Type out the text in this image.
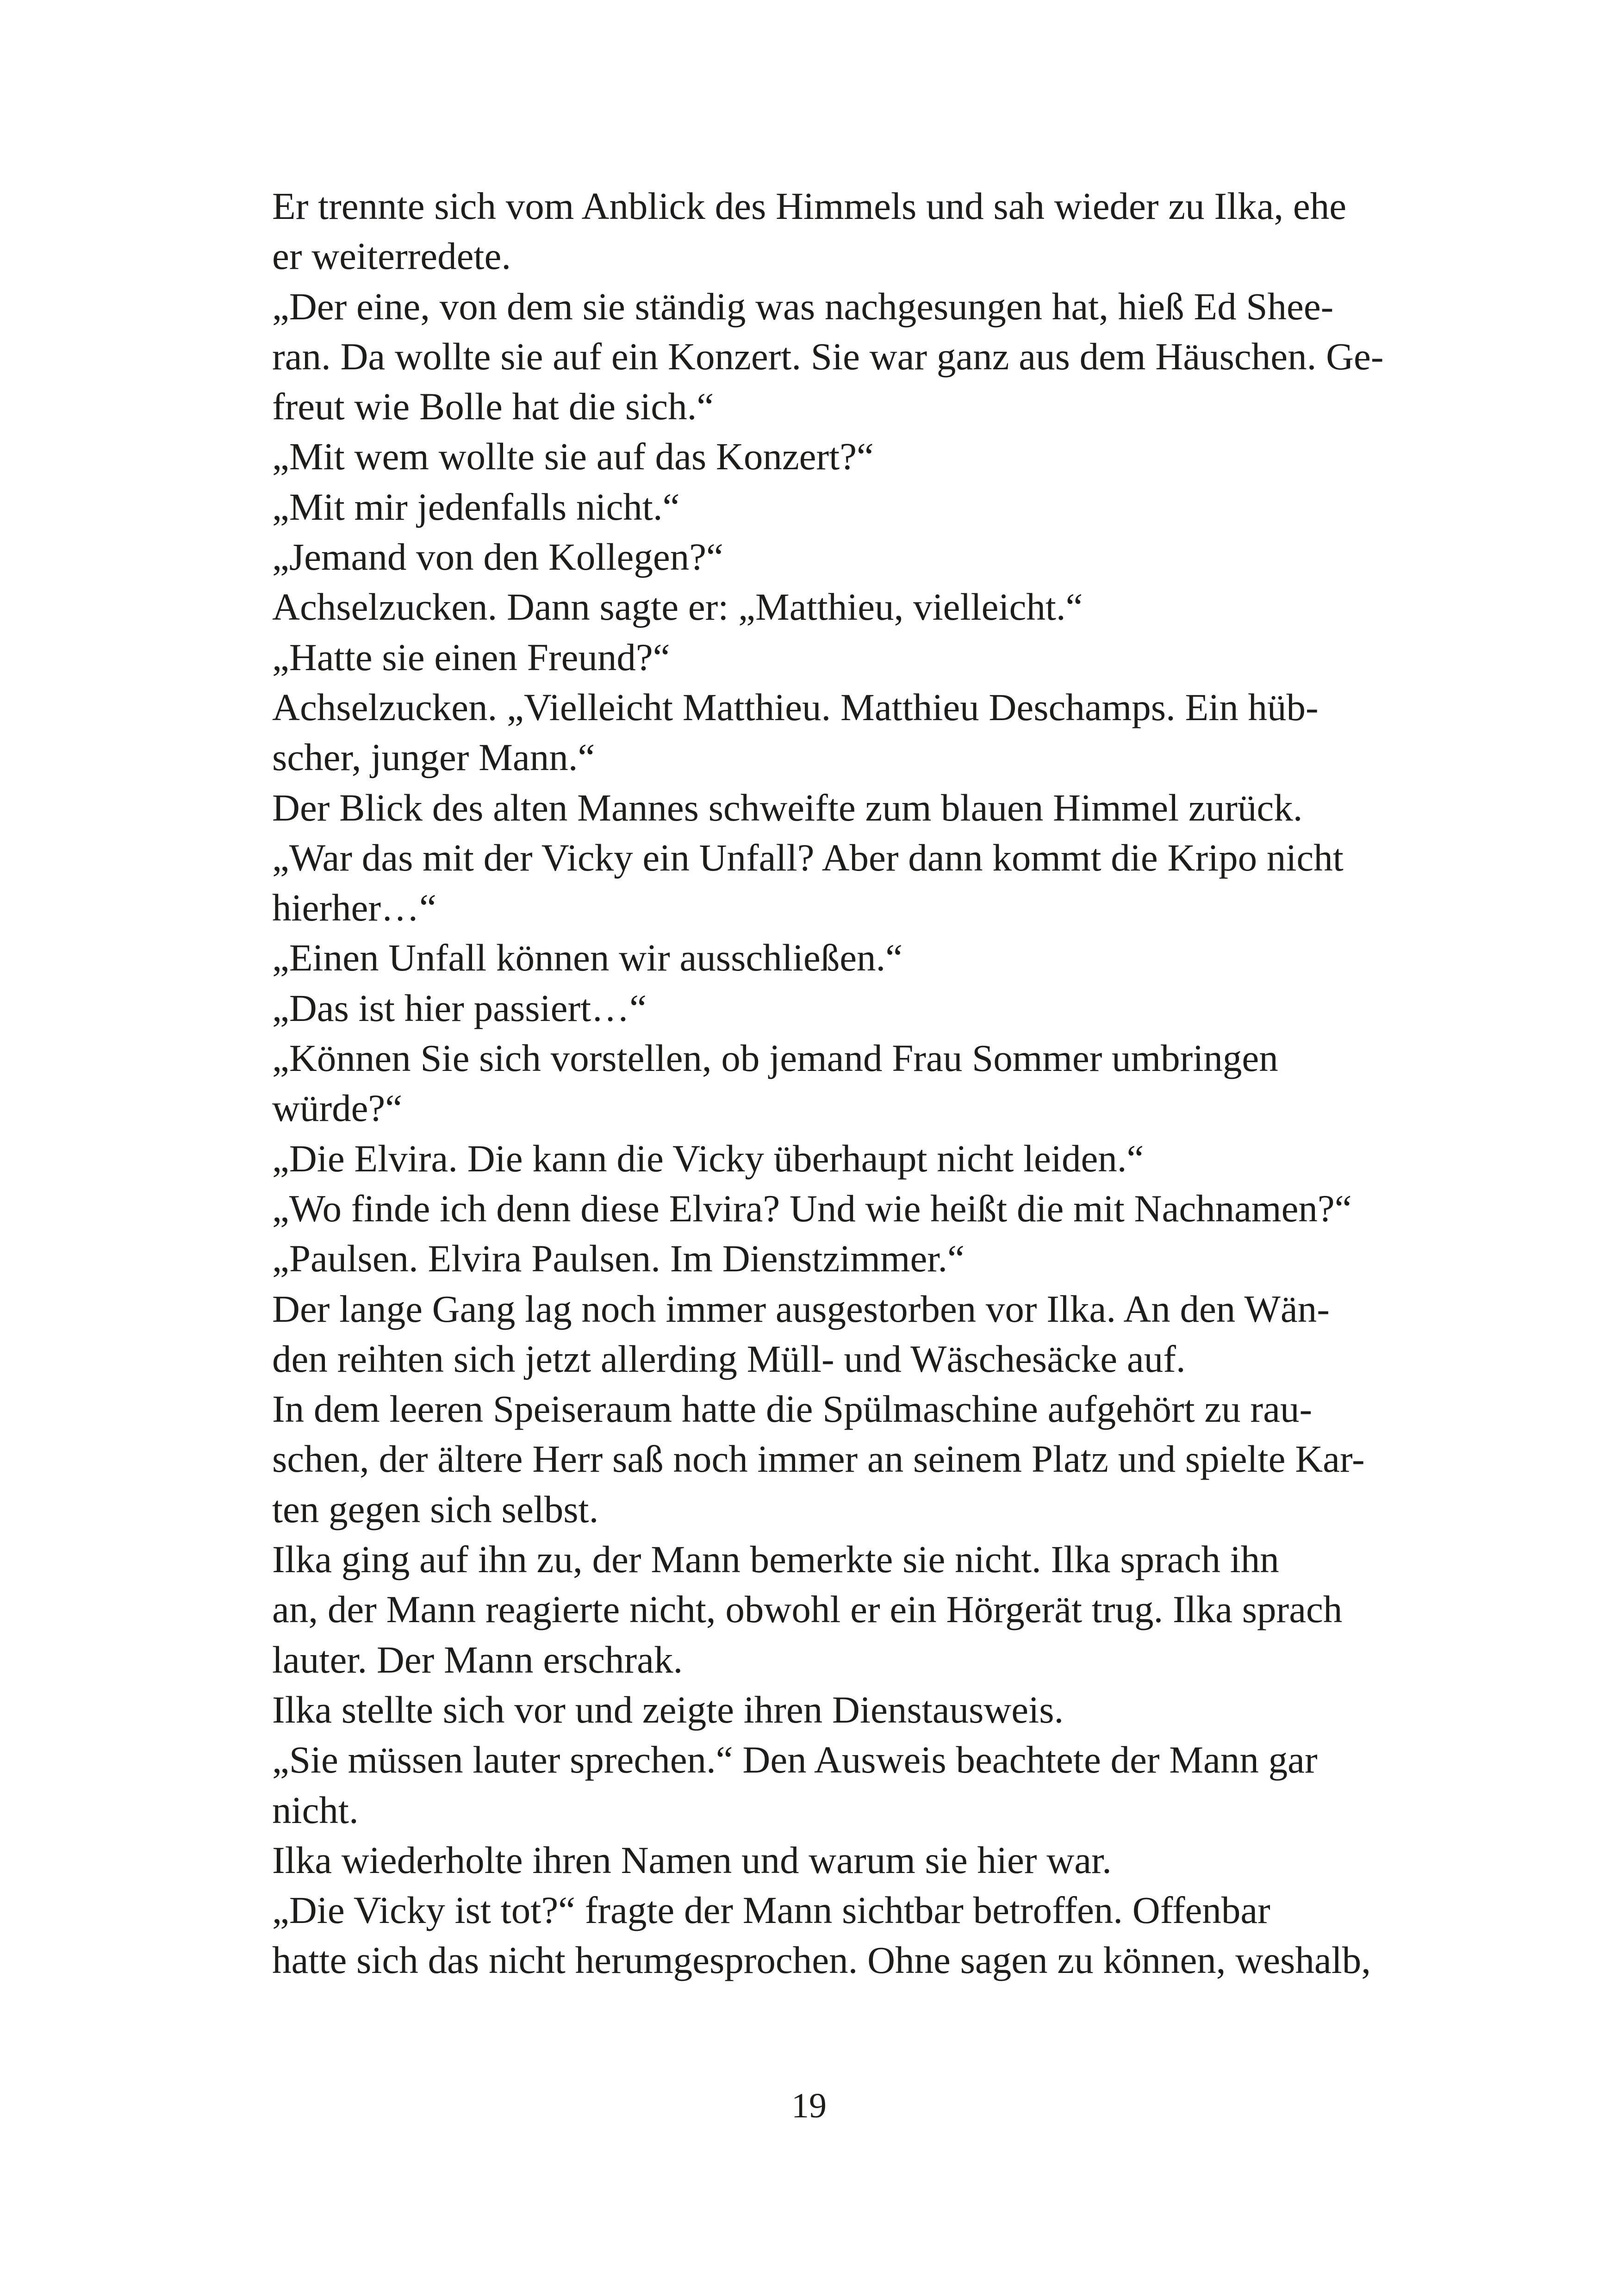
Er trennte sich vom Anblick des Himmels und sah wieder zu Ilka, ehe
er weiterredete.
„Der eine, von dem sie ständig was nachgesungen hat, hieß Ed Shee-
ran. Da wollte sie auf ein Konzert. Sie war ganz aus dem Häuschen. Ge-
freut wie Bolle hat die sich.“
„Mit wem wollte sie auf das Konzert?“
„Mit mir jedenfalls nicht.“
„Jemand von den Kollegen?“
Achselzucken. Dann sagte er: „Matthieu, vielleicht.“
„Hatte sie einen Freund?“
Achselzucken. „Vielleicht Matthieu. Matthieu Deschamps. Ein hüb-
scher, junger Mann.“
Der Blick des alten Mannes schweifte zum blauen Himmel zurück.
„War das mit der Vicky ein Unfall? Aber dann kommt die Kripo nicht
hierher…“
„Einen Unfall können wir ausschließen.“
„Das ist hier passiert…“
„Können Sie sich vorstellen, ob jemand Frau Sommer umbringen
würde?“
„Die Elvira. Die kann die Vicky überhaupt nicht leiden.“
„Wo finde ich denn diese Elvira? Und wie heißt die mit Nachnamen?“
„Paulsen. Elvira Paulsen. Im Dienstzimmer.“
Der lange Gang lag noch immer ausgestorben vor Ilka. An den Wän-
den reihten sich jetzt allerding Müll- und Wäschesäcke auf.
In dem leeren Speiseraum hatte die Spülmaschine aufgehört zu rau-
schen, der ältere Herr saß noch immer an seinem Platz und spielte Kar-
ten gegen sich selbst.
Ilka ging auf ihn zu, der Mann bemerkte sie nicht. Ilka sprach ihn
an, der Mann reagierte nicht, obwohl er ein Hörgerät trug. Ilka sprach
lauter. Der Mann erschrak.
Ilka stellte sich vor und zeigte ihren Dienstausweis.
„Sie müssen lauter sprechen.“ Den Ausweis beachtete der Mann gar
nicht.
Ilka wiederholte ihren Namen und warum sie hier war.
„Die Vicky ist tot?“ fragte der Mann sichtbar betroffen. Offenbar
hatte sich das nicht herumgesprochen. Ohne sagen zu können, weshalb,
19
